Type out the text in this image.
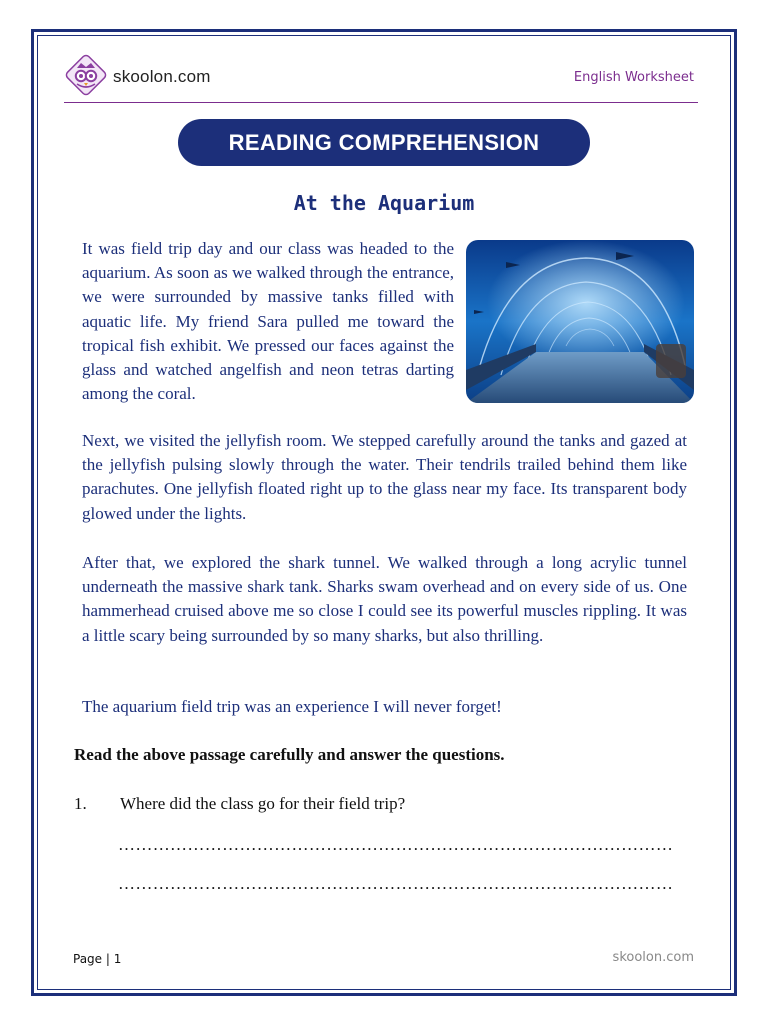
skoolon.com	English Worksheet
READING COMPREHENSION
At the Aquarium

It was field trip day and our class was headed to the aquarium. As soon as we walked through the entrance, we were surrounded by massive tanks filled with aquatic life. My friend Sara pulled me toward the tropical fish exhibit. We pressed our faces against the glass and watched angelfish and neon tetras darting among the coral.

Next, we visited the jellyfish room. We stepped carefully around the tanks and gazed at the jellyfish pulsing slowly through the water. Their tendrils trailed behind them like parachutes. One jellyfish floated right up to the glass near my face. Its transparent body glowed under the lights.

After that, we explored the shark tunnel. We walked through a long acrylic tunnel underneath the massive shark tank. Sharks swam overhead and on every side of us. One hammerhead cruised above me so close I could see its powerful muscles rippling. It was a little scary being surrounded by so many sharks, but also thrilling.

The aquarium field trip was an experience I will never forget!

Read the above passage carefully and answer the questions.
1. Where did the class go for their field trip?
……………………………………………………………………………………
……………………………………………………………………………………
Page | 1	skoolon.com
